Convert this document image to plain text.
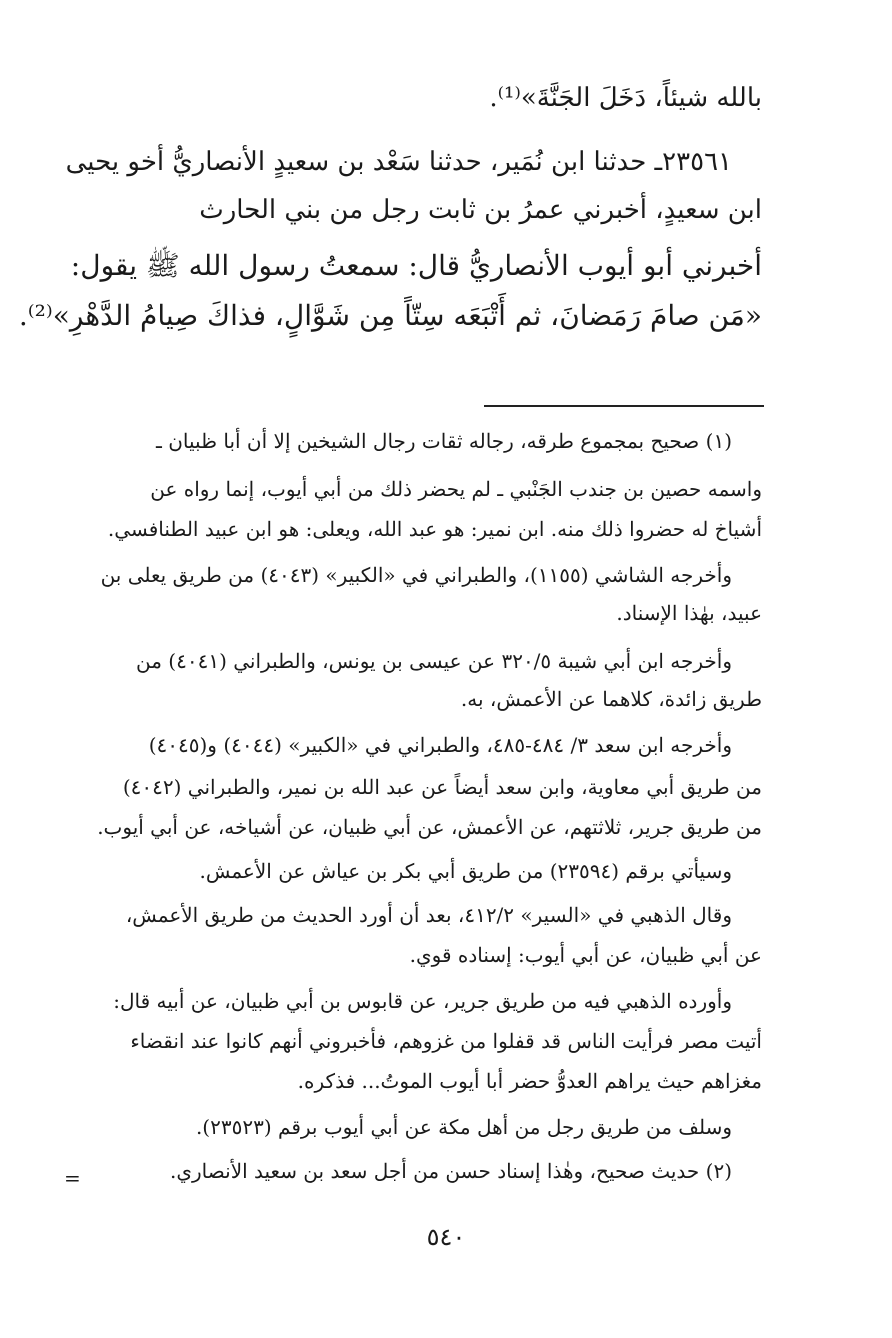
بالله شيئاً، دَخَلَ الجَنَّةَ»⁽¹⁾.
٢٣٥٦١ـ حدثنا ابن نُمَير، حدثنا سَعْد بن سعيدٍ الأنصاريُّ أخو يحيى
ابن سعيدٍ، أخبرني عمرُ بن ثابت رجل من بني الحارث
أخبرني أبو أيوب الأنصاريُّ قال: سمعتُ رسول الله ﷺ يقول:
«مَن صامَ رَمَضانَ، ثم أَتْبَعَه سِتّاً مِن شَوَّالٍ، فذاكَ صِيامُ الدَّهْرِ»⁽²⁾.
(١) صحيح بمجموع طرقه، رجاله ثقات رجال الشيخين إلا أن أبا ظبيان ـ
واسمه حصين بن جندب الجَنْبي ـ لم يحضر ذلك من أبي أيوب، إنما رواه عن
أشياخ له حضروا ذلك منه. ابن نمير: هو عبد الله، ويعلى: هو ابن عبيد الطنافسي.
وأخرجه الشاشي (١١٥٥)، والطبراني في «الكبير» (٤٠٤٣) من طريق يعلى بن
عبيد، بهٰذا الإسناد.
وأخرجه ابن أبي شيبة ٣٢٠/٥ عن عيسى بن يونس، والطبراني (٤٠٤١) من
طريق زائدة، كلاهما عن الأعمش، به.
وأخرجه ابن سعد ٣/ ٤٨٤-٤٨٥، والطبراني في «الكبير» (٤٠٤٤) و(٤٠٤٥)
من طريق أبي معاوية، وابن سعد أيضاً عن عبد الله بن نمير، والطبراني (٤٠٤٢)
من طريق جرير، ثلاثتهم، عن الأعمش، عن أبي ظبيان، عن أشياخه، عن أبي أيوب.
وسيأتي برقم (٢٣٥٩٤) من طريق أبي بكر بن عياش عن الأعمش.
وقال الذهبي في «السير» ٤١٢/٢، بعد أن أورد الحديث من طريق الأعمش،
عن أبي ظبيان، عن أبي أيوب: إسناده قوي.
وأورده الذهبي فيه من طريق جرير، عن قابوس بن أبي ظبيان، عن أبيه قال:
أتيت مصر فرأيت الناس قد قفلوا من غزوهم، فأخبروني أنهم كانوا عند انقضاء
مغزاهم حيث يراهم العدوُّ حضر أبا أيوب الموتُ... فذكره.
وسلف من طريق رجل من أهل مكة عن أبي أيوب برقم (٢٣٥٢٣).
(٢) حديث صحيح، وهٰذا إسناد حسن من أجل سعد بن سعيد الأنصاري.
=
٥٤٠
